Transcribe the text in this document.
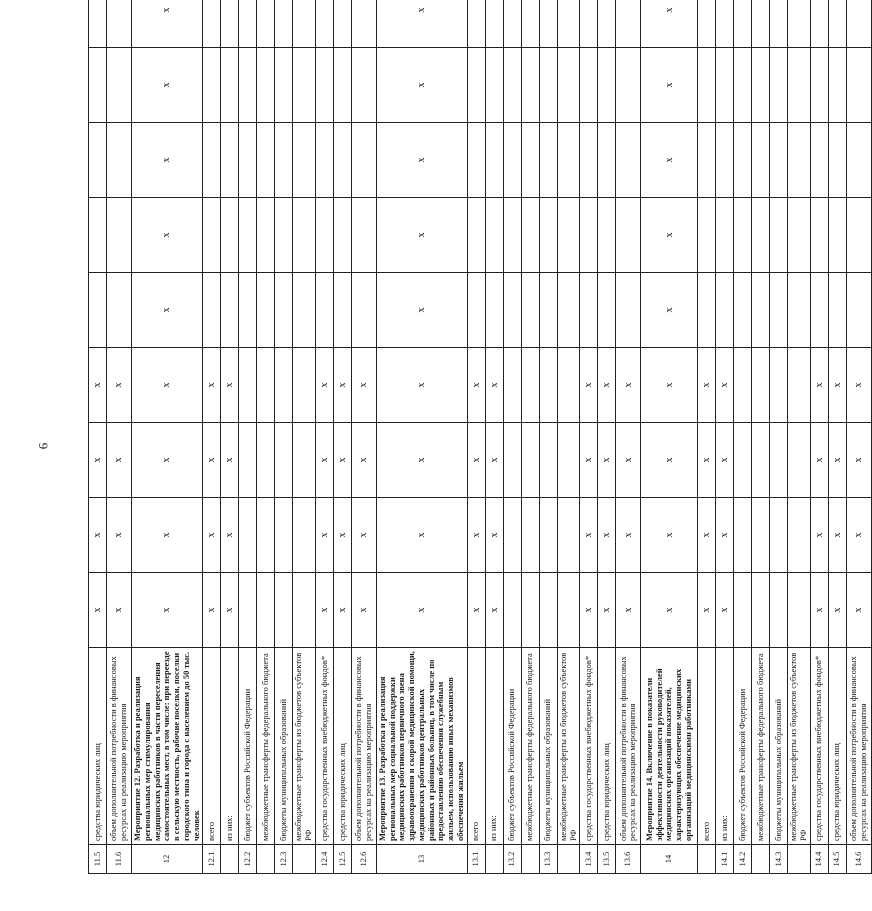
6
11.5	средства юридических лиц	x	x	x	x							
11.6	объем дополнительной потребности в финансовых ресурсах на реализацию мероприятия	x	x	x	x							
12	Мероприятие 12. Разработка и реализация региональных мер стимулирования медицинских работников в части переселения самостоятельных мест, в том числе: при переезде в сельскую местность, рабочие поселки, поселки городского типа и города с населением до 50 тыс. человек	x	x	x	x	x	x	x	x	x		
12.1	всего	x	x	x	x							
	из них:	x	x	x	x							
12.2	бюджет субъектов Российской Федерации											
	межбюджетные трансферты федерального бюджета											
12.3	бюджеты муниципальных образований											
	межбюджетные трансферты из бюджетов субъектов РФ											
12.4	средства государственных внебюджетных фондов*	x	x	x	x							
12.5	средства юридических лиц	x	x	x	x							
12.6	объем дополнительной потребности в финансовых ресурсах на реализацию мероприятия	x	x	x	x							
13	Мероприятие 13. Разработка и реализация региональных мер социальной поддержки медицинских работников первичного звена здравоохранения и скорой медицинской помощи, медицинских работников центральных районных и районных больниц, в том числе по предоставлению обеспечения служебным жильем, использованию иных механизмов обеспечения жильем	x	x	x	x	x	x	x	x	x		
13.1	всего	x	x	x	x							
	из них:	x	x	x	x							
13.2	бюджет субъектов Российской Федерации											
	межбюджетные трансферты федерального бюджета											
13.3	бюджеты муниципальных образований											
	межбюджетные трансферты из бюджетов субъектов РФ											
13.4	средства государственных внебюджетных фондов*	x	x	x	x							
13.5	средства юридических лиц	x	x	x	x							
13.6	объем дополнительной потребности в финансовых ресурсах на реализацию мероприятия	x	x	x	x							
14	Мероприятие 14. Включение в показатели эффективности деятельности руководителей медицинских организаций показателей, характеризующих обеспечение медицинских организаций медицинскими работниками	x	x	x	x	x	x	x	x	x		
	всего	x	x	x	x							
14.1	из них:	x	x	x	x							
14.2	бюджет субъектов Российской Федерации											
	межбюджетные трансферты федерального бюджета											
14.3	бюджеты муниципальных образований											
	межбюджетные трансферты из бюджетов субъектов РФ											
14.4	средства государственных внебюджетных фондов*	x	x	x	x							
14.5	средства юридических лиц	x	x	x	x							
14.6	объем дополнительной потребности в финансовых ресурсах на реализацию мероприятия	x	x	x	x							
